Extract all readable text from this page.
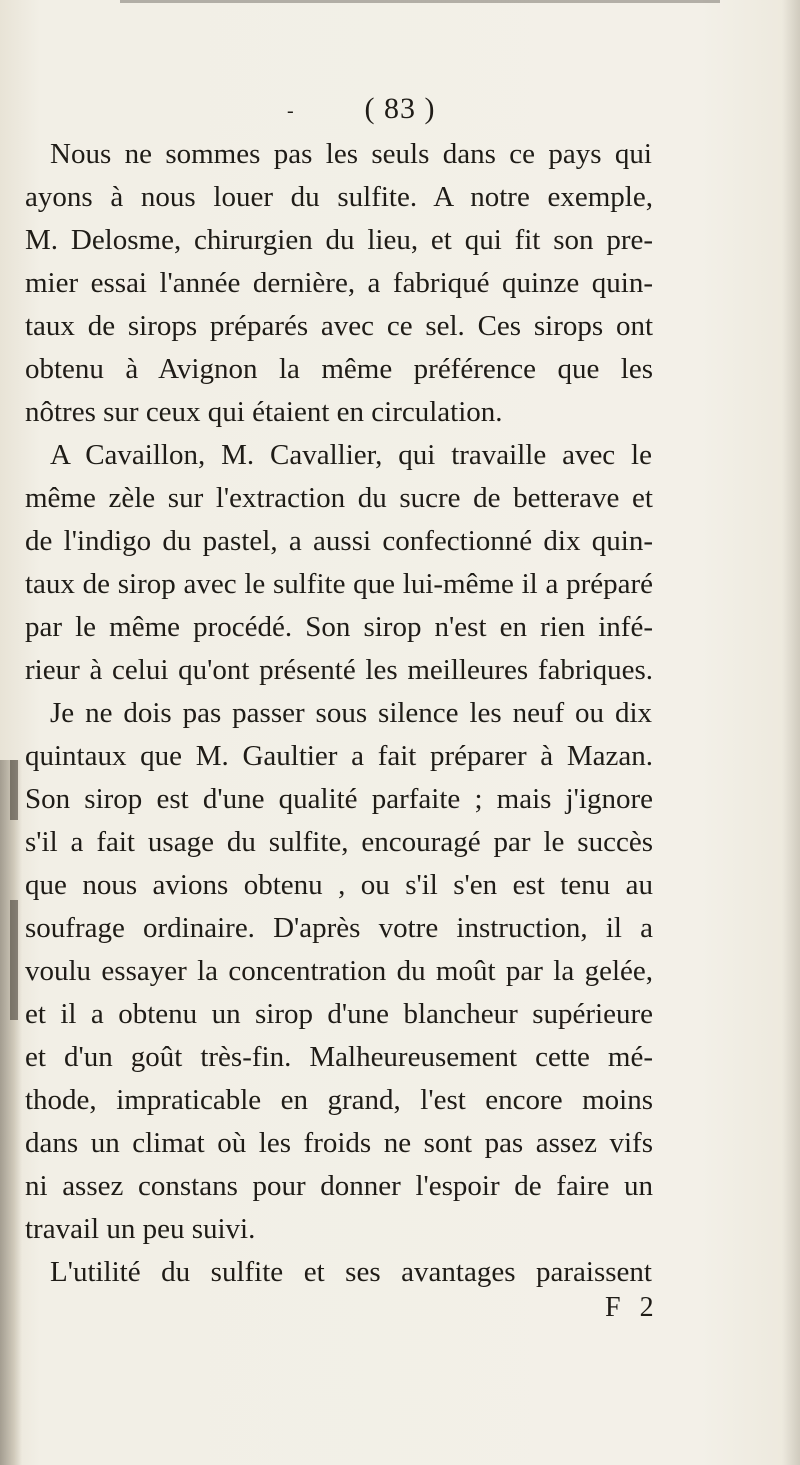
- ( 83 )
Nous ne sommes pas les seuls dans ce pays qui
ayons à nous louer du sulfite. A notre exemple,
M. Delosme, chirurgien du lieu, et qui fit son pre-
mier essai l'année dernière, a fabriqué quinze quin-
taux de sirops préparés avec ce sel. Ces sirops ont
obtenu à Avignon la même préférence que les
nôtres sur ceux qui étaient en circulation.
A Cavaillon, M. Cavallier, qui travaille avec le
même zèle sur l'extraction du sucre de betterave et
de l'indigo du pastel, a aussi confectionné dix quin-
taux de sirop avec le sulfite que lui-même il a préparé
par le même procédé. Son sirop n'est en rien infé-
rieur à celui qu'ont présenté les meilleures fabriques.
Je ne dois pas passer sous silence les neuf ou dix
quintaux que M. Gaultier a fait préparer à Mazan.
Son sirop est d'une qualité parfaite ; mais j'ignore
s'il a fait usage du sulfite, encouragé par le succès
que nous avions obtenu , ou s'il s'en est tenu au
soufrage ordinaire. D'après votre instruction, il a
voulu essayer la concentration du moût par la gelée,
et il a obtenu un sirop d'une blancheur supérieure
et d'un goût très-fin. Malheureusement cette mé-
thode, impraticable en grand, l'est encore moins
dans un climat où les froids ne sont pas assez vifs
ni assez constans pour donner l'espoir de faire un
travail un peu suivi.
L'utilité du sulfite et ses avantages paraissent
F 2
